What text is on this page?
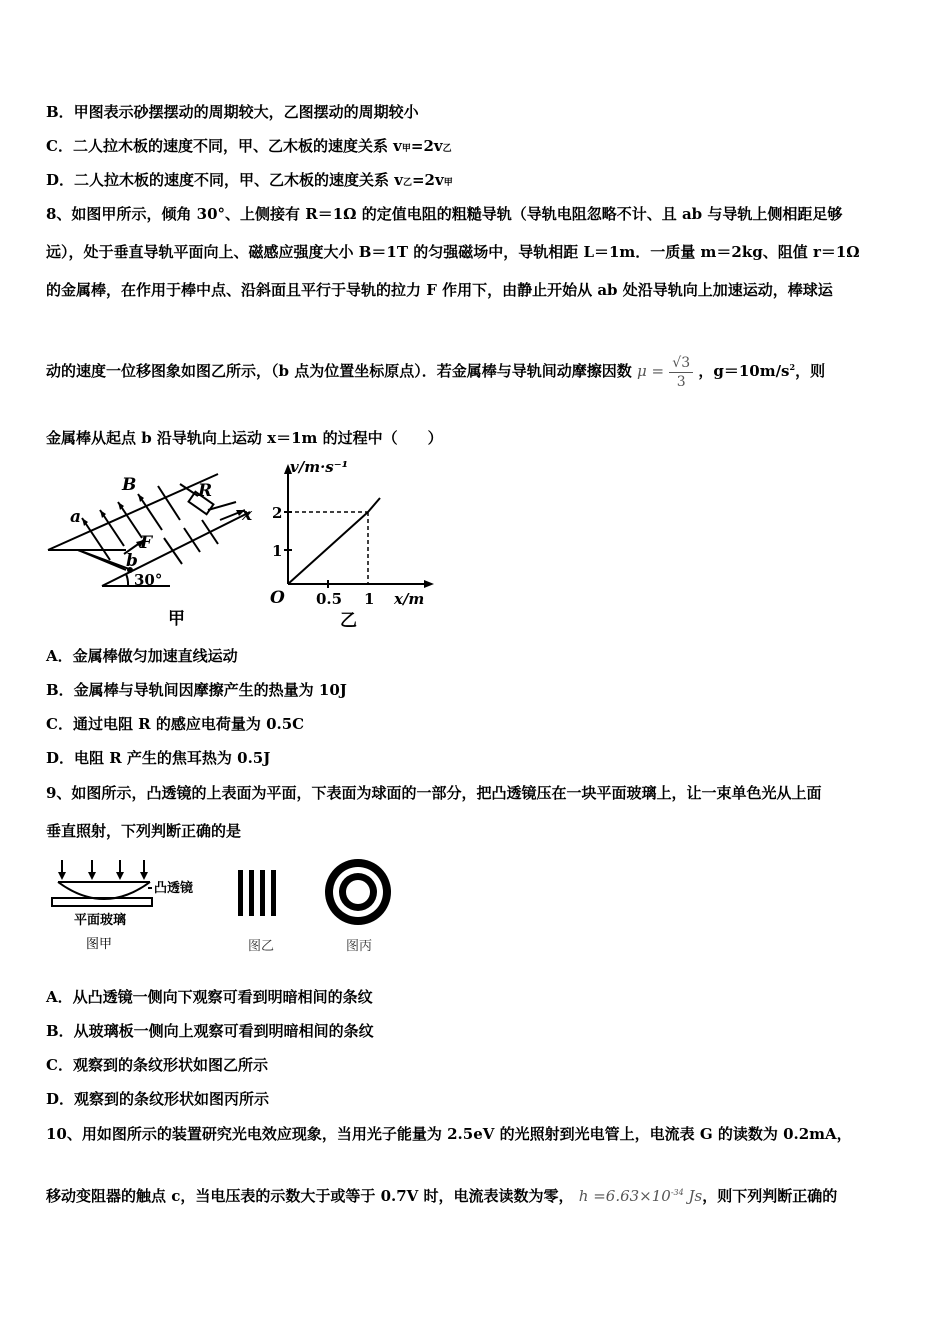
B．甲图表示砂摆摆动的周期较大，乙图摆动的周期较小
C．二人拉木板的速度不同，甲、乙木板的速度关系 v甲=2v乙
D．二人拉木板的速度不同，甲、乙木板的速度关系 v乙=2v甲
8、如图甲所示，倾角 30°、上侧接有 R＝1Ω 的定值电阻的粗糙导轨（导轨电阻忽略不计、且 ab 与导轨上侧相距足够
远），处于垂直导轨平面向上、磁感应强度大小 B＝1T 的匀强磁场中，导轨相距 L＝1m．一质量 m＝2kg、阻值 r＝1Ω
的金属棒，在作用于棒中点、沿斜面且平行于导轨的拉力 F 作用下，由静止开始从 ab 处沿导轨向上加速运动，棒球运
动的速度一位移图象如图乙所示，（b 点为位置坐标原点）．若金属棒与导轨间动摩擦因数 $\mu = \frac{√3}{3}$ ，$g=10m/s^2$，则
金属棒从起点 b 沿导轨向上运动 x＝1m 的过程中（　　）
B	R
a	x
F
b
30°
甲
v/m·s⁻¹
O
2
1
0.5 1 x/m
乙
A．金属棒做匀加速直线运动
B．金属棒与导轨间因摩擦产生的热量为 10J
C．通过电阻 R 的感应电荷量为 0.5C
D．电阻 R 产生的焦耳热为 0.5J
9、如图所示，凸透镜的上表面为平面，下表面为球面的一部分，把凸透镜压在一块平面玻璃上，让一束单色光从上面
垂直照射，下列判断正确的是
凸透镜
平面玻璃
图甲	图乙	图丙
A．从凸透镜一侧向下观察可看到明暗相间的条纹
B．从玻璃板一侧向上观察可看到明暗相间的条纹
C．观察到的条纹形状如图乙所示
D．观察到的条纹形状如图丙所示
10、用如图所示的装置研究光电效应现象，当用光子能量为 2.5eV 的光照射到光电管上，电流表 G 的读数为 0.2mA，
移动变阻器的触点 c，当电压表的示数大于或等于 0.7V 时，电流表读数为零， $h =6.63\times 10^{-34}$ Js，则下列判断正确的
